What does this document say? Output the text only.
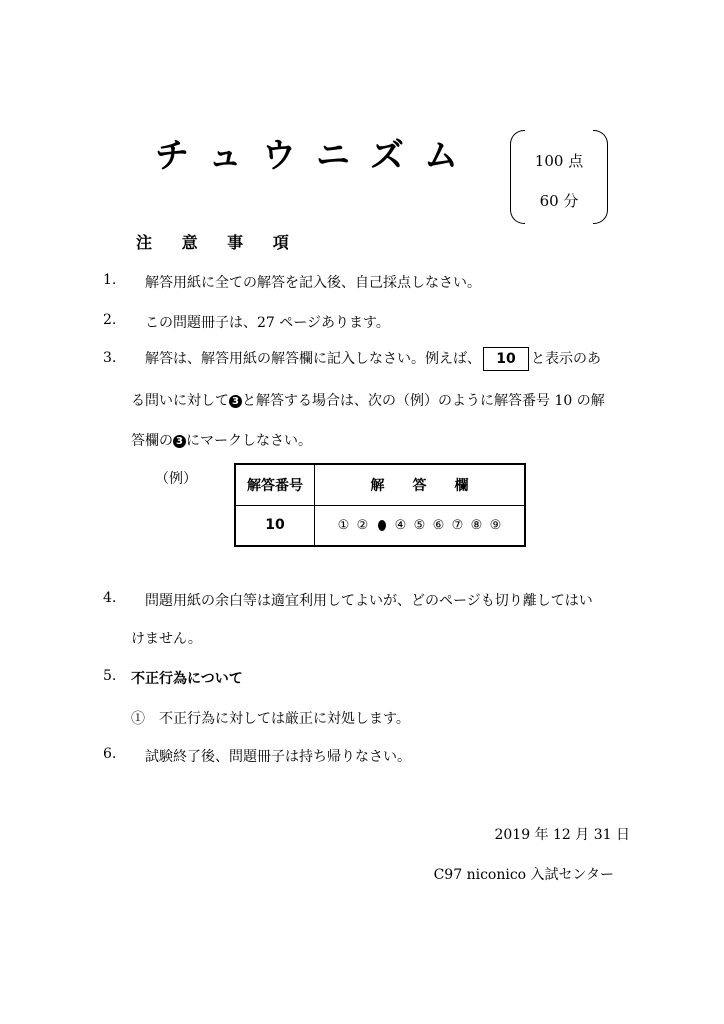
チュウニズム	100 点
60 分
注 意 事 項
1. 解答用紙に全ての解答を記入後、自己採点しなさい。
2. この問題冊子は、27 ページあります。
3. 解答は、解答用紙の解答欄に記入しなさい。例えば、 10 と表示のあ
る問いに対して 3 と解答する場合は、次の（例）のように解答番号 10 の解
答欄の 3 にマークしなさい。
（例）	解答番号	解　　答　　欄
10	① ② ④ ⑤ ⑥ ⑦ ⑧ ⑨
4. 問題用紙の余白等は適宜利用してよいが、どのページも切り離してはい
けません。
5. 不正行為について
①　不正行為に対しては厳正に対処します。
6. 試験終了後、問題冊子は持ち帰りなさい。
2019 年 12 月 31 日
C97 niconico 入試センター
